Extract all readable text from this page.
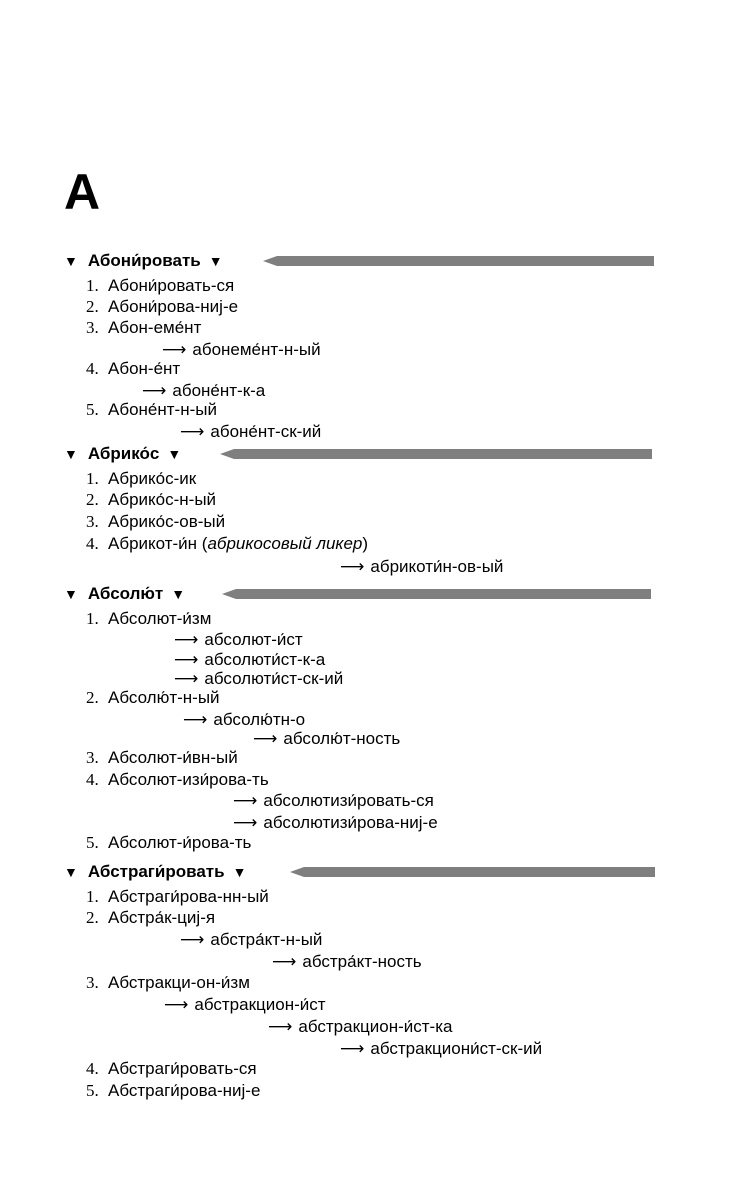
А
▼ Абони́ровать ▼
1. Абони́ровать-ся
2. Абони́рова-ниj-е
3. Абон-еме́нт
⟶ абонеме́нт-н-ый
4. Абон-е́нт
⟶ абоне́нт-к-а
5. Абоне́нт-н-ый
⟶ абоне́нт-ск-ий
▼ Абрико́с ▼
1. Абрико́с-ик
2. Абрико́с-н-ый
3. Абрико́с-ов-ый
4. Абрикот-и́н (абрикосовый ликер)
⟶ абрикоти́н-ов-ый
▼ Абсолю́т ▼
1. Абсолют-и́зм
⟶ абсолют-и́ст
⟶ абсолюти́ст-к-а
⟶ абсолюти́ст-ск-ий
2. Абсолю́т-н-ый
⟶ абсолю́тн-о
⟶ абсолю́т-ность
3. Абсолют-и́вн-ый
4. Абсолют-изи́рова-ть
⟶ абсолютизи́ровать-ся
⟶ абсолютизи́рова-ниj-е
5. Абсолют-и́рова-ть
▼ Абстраги́ровать ▼
1. Абстраги́рова-нн-ый
2. Абстра́к-циj-я
⟶ абстра́кт-н-ый
⟶ абстра́кт-ность
3. Абстракци-он-и́зм
⟶ абстракцион-и́ст
⟶ абстракцион-и́ст-ка
⟶ абстракциони́ст-ск-ий
4. Абстраги́ровать-ся
5. Абстраги́рова-ниj-е
